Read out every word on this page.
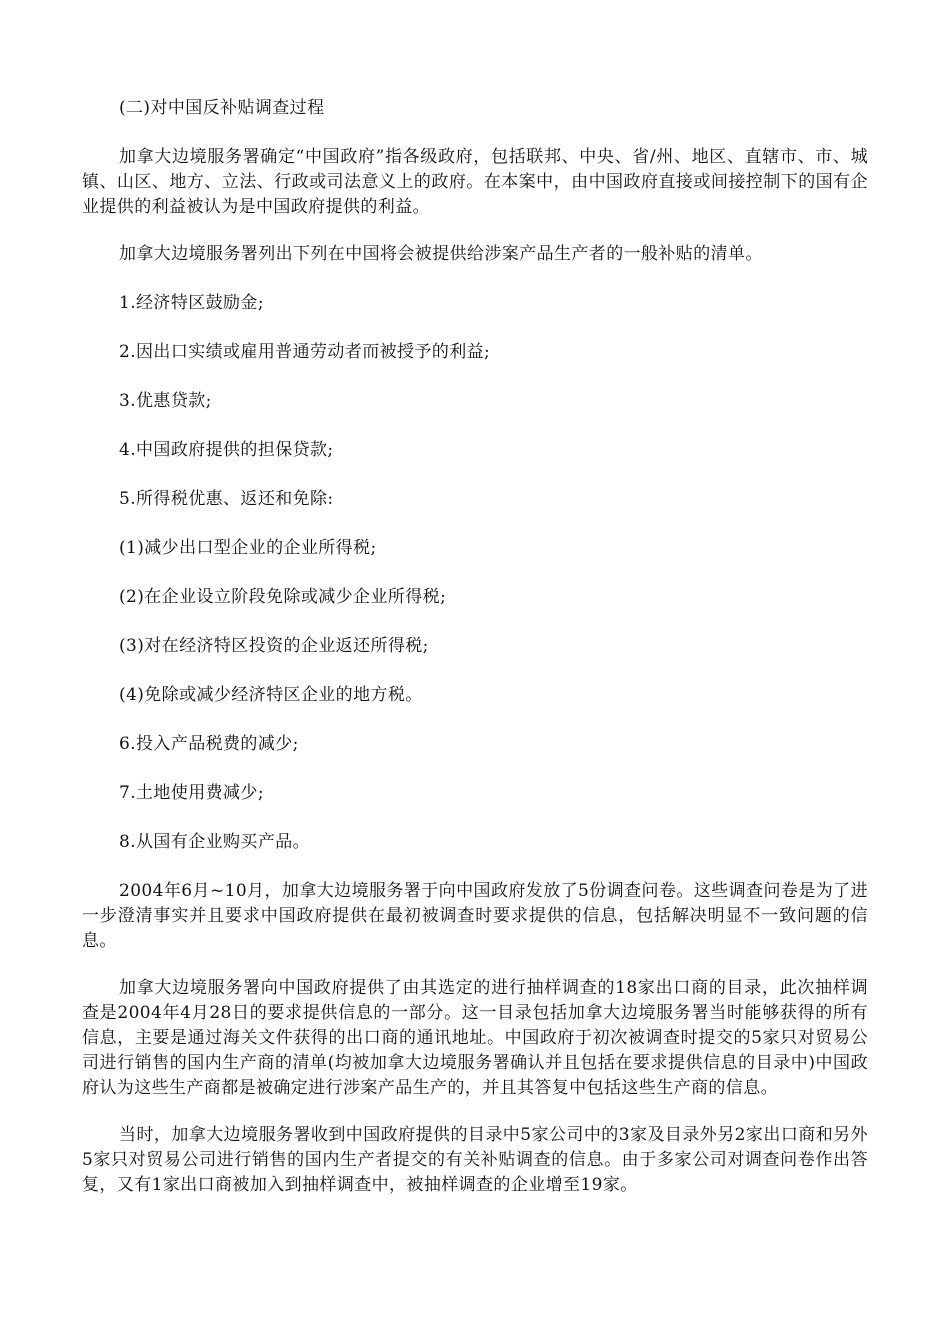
(二)对中国反补贴调查过程

加拿大边境服务署确定“中国政府”指各级政府，包括联邦、中央、省/州、地区、直辖市、市、城镇、山区、地方、立法、行政或司法意义上的政府。在本案中，由中国政府直接或间接控制下的国有企业提供的利益被认为是中国政府提供的利益。

加拿大边境服务署列出下列在中国将会被提供给涉案产品生产者的一般补贴的清单。

1.经济特区鼓励金;

2.因出口实绩或雇用普通劳动者而被授予的利益;

3.优惠贷款;

4.中国政府提供的担保贷款;

5.所得税优惠、返还和免除:

(1)减少出口型企业的企业所得税;

(2)在企业设立阶段免除或减少企业所得税;

(3)对在经济特区投资的企业返还所得税;

(4)免除或减少经济特区企业的地方税。

6.投入产品税费的减少;

7.土地使用费减少;

8.从国有企业购买产品。

2004年6月~10月，加拿大边境服务署于向中国政府发放了5份调查问卷。这些调查问卷是为了进一步澄清事实并且要求中国政府提供在最初被调查时要求提供的信息，包括解决明显不一致问题的信息。

加拿大边境服务署向中国政府提供了由其选定的进行抽样调查的18家出口商的目录，此次抽样调查是2004年4月28日的要求提供信息的一部分。这一目录包括加拿大边境服务署当时能够获得的所有信息，主要是通过海关文件获得的出口商的通讯地址。中国政府于初次被调查时提交的5家只对贸易公司进行销售的国内生产商的清单(均被加拿大边境服务署确认并且包括在要求提供信息的目录中)中国政府认为这些生产商都是被确定进行涉案产品生产的，并且其答复中包括这些生产商的信息。

当时，加拿大边境服务署收到中国政府提供的目录中5家公司中的3家及目录外另2家出口商和另外5家只对贸易公司进行销售的国内生产者提交的有关补贴调查的信息。由于多家公司对调查问卷作出答复，又有1家出口商被加入到抽样调查中，被抽样调查的企业增至19家。
